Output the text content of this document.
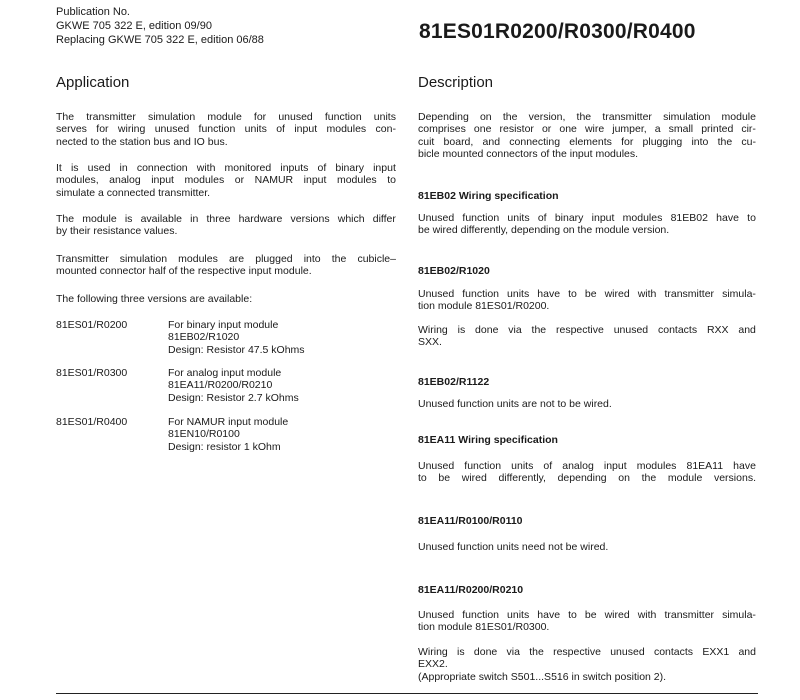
Publication No.
GKWE 705 322 E, edition 09/90
Replacing GKWE 705 322 E, edition 06/88	81ES01R0200/R0300/R0400
Application
The transmitter simulation module for unused function units
serves for wiring unused function units of input modules con-
nected to the station bus and IO bus.
It is used in connection with monitored inputs of binary input
modules, analog input modules or NAMUR input modules to
simulate a connected transmitter.
The module is available in three hardware versions which differ
by their resistance values.
Transmitter simulation modules are plugged into the cubicle–
mounted connector half of the respective input module.
The following three versions are available:
81ES01/R0200	For binary input module
81EB02/R1020
Design: Resistor 47.5 kOhms
81ES01/R0300	For analog input module
81EA11/R0200/R0210
Design: Resistor 2.7 kOhms
81ES01/R0400	For NAMUR input module
81EN10/R0100
Design: resistor 1 kOhm
Description
Depending on the version, the transmitter simulation module
comprises one resistor or one wire jumper, a small printed cir-
cuit board, and connecting elements for plugging into the cu-
bicle mounted connectors of the input modules.
81EB02 Wiring specification
Unused function units of binary input modules 81EB02 have to
be wired differently, depending on the module version.
81EB02/R1020
Unused function units have to be wired with transmitter simula-
tion module 81ES01/R0200.
Wiring is done via the respective unused contacts RXX and
SXX.
81EB02/R1122
Unused function units are not to be wired.
81EA11 Wiring specification
Unused function units of analog input modules 81EA11 have
to be wired differently, depending on the module versions.
81EA11/R0100/R0110
Unused function units need not be wired.
81EA11/R0200/R0210
Unused function units have to be wired with transmitter simula-
tion module 81ES01/R0300.
Wiring is done via the respective unused contacts EXX1 and
EXX2.
(Appropriate switch S501...S516 in switch position 2).
